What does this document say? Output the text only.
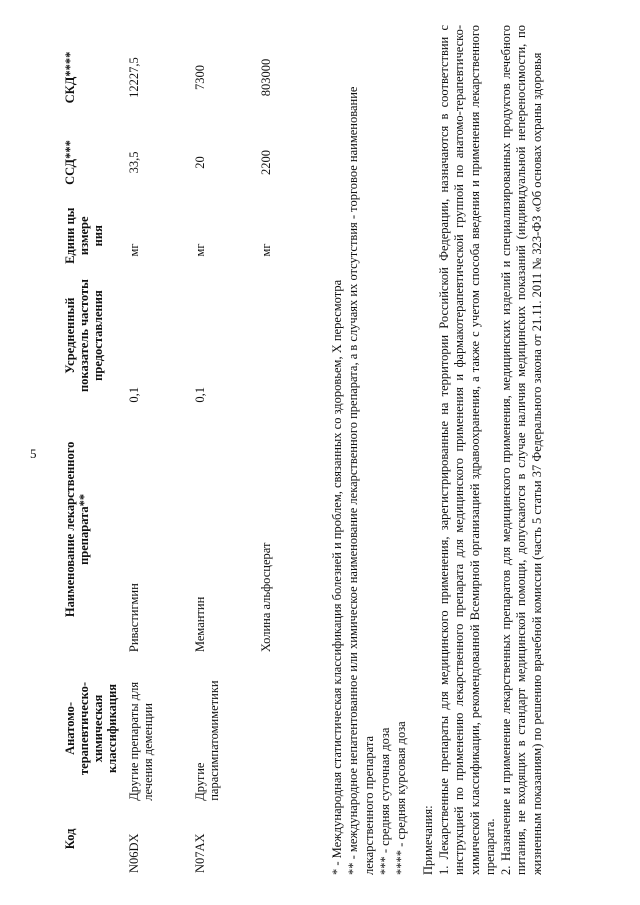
5
Код	Анатомо-терапевтическо-химическая классификация	Наименование лекарственного препарата**	Усредненный показатель частоты предоставления	Едини цы измере ния	ССД***	СКД****
N06DX	Другие препараты для лечения деменции	Ривастигмин	0,1	мг	33,5	12227,5
N07AX	Другие парасимпатомиметики	Мемантин	0,1	мг	20	7300
		Холина альфосцерат		мг	2200	803000
* - Международная статистическая классификация болезней и проблем, связанных со здоровьем, X пересмотра ** - международное непатентованное или химическое наименование лекарственного препарата, а в случаях их отсутствия - торговое наименование лекарственного препарата *** - средняя суточная доза **** - средняя курсовая доза Примечания: 1. Лекарственные препараты для медицинского применения, зарегистрированные на территории Российской Федерации, назначаются в соответствии с инструкцией по применению лекарственного препарата для медицинского применения и фармакотерапевтической группой по анатомо-терапевтическо-химической классификации, рекомендованной Всемирной организацией здравоохранения, а также с учетом способа введения и применения лекарственного препарата. 2. Назначение и применение лекарственных препаратов для медицинского применения, медицинских изделий и специализированных продуктов лечебного питания, не входящих в стандарт медицинской помощи, допускаются в случае наличия медицинских показаний (индивидуальной непереносимости, по жизненным показаниям) по решению врачебной комиссии (часть 5 статьи 37 Федерального закона от 21.11. 2011 № 323-ФЗ «Об основах охраны здоровья
